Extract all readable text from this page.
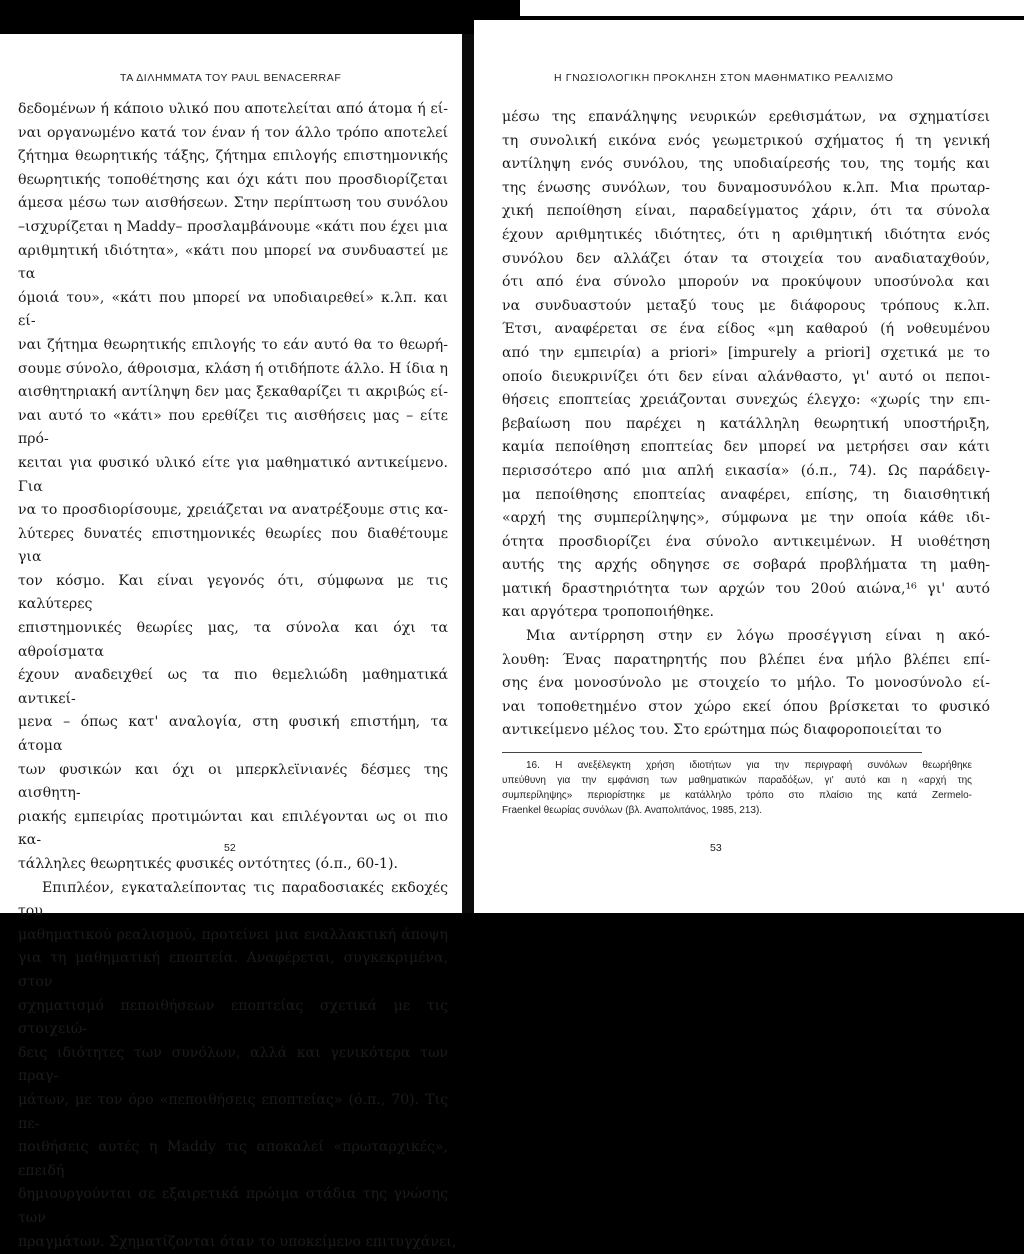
ΤΑ ΔΙΛΗΜΜΑΤΑ ΤΟΥ PAUL BENACERRAF
δεδομένων ή κάποιο υλικό που αποτελείται από άτομα ή εί-
ναι οργανωμένο κατά τον έναν ή τον άλλο τρόπο αποτελεί
ζήτημα θεωρητικής τάξης, ζήτημα επιλογής επιστημονικής
θεωρητικής τοποθέτησης και όχι κάτι που προσδιορίζεται
άμεσα μέσω των αισθήσεων. Στην περίπτωση του συνόλου
–ισχυρίζεται η Maddy– προσλαμβάνουμε «κάτι που έχει μια
αριθμητική ιδιότητα», «κάτι που μπορεί να συνδυαστεί με τα
όμοιά του», «κάτι που μπορεί να υποδιαιρεθεί» κ.λπ. και εί-
ναι ζήτημα θεωρητικής επιλογής το εάν αυτό θα το θεωρή-
σουμε σύνολο, άθροισμα, κλάση ή οτιδήποτε άλλο. Η ίδια η
αισθητηριακή αντίληψη δεν μας ξεκαθαρίζει τι ακριβώς εί-
ναι αυτό το «κάτι» που ερεθίζει τις αισθήσεις μας – είτε πρό-
κειται για φυσικό υλικό είτε για μαθηματικό αντικείμενο. Για
να το προσδιορίσουμε, χρειάζεται να ανατρέξουμε στις κα-
λύτερες δυνατές επιστημονικές θεωρίες που διαθέτουμε για
τον κόσμο. Και είναι γεγονός ότι, σύμφωνα με τις καλύτερες
επιστημονικές θεωρίες μας, τα σύνολα και όχι τα αθροίσματα
έχουν αναδειχθεί ως τα πιο θεμελιώδη μαθηματικά αντικεί-
μενα – όπως κατ' αναλογία, στη φυσική επιστήμη, τα άτομα
των φυσικών και όχι οι μπερκλεϊνιανές δέσμες της αισθητη-
ριακής εμπειρίας προτιμώνται και επιλέγονται ως οι πιο κα-
τάλληλες θεωρητικές φυσικές οντότητες (ό.π., 60-1).
Επιπλέον, εγκαταλείποντας τις παραδοσιακές εκδοχές του
μαθηματικού ρεαλισμού, προτείνει μια εναλλακτική άποψη
για τη μαθηματική εποπτεία. Αναφέρεται, συγκεκριμένα, στον
σχηματισμό πεποιθήσεων εποπτείας σχετικά με τις στοιχειώ-
δεις ιδιότητες των συνόλων, αλλά και γενικότερα των πραγ-
μάτων, με τον όρο «πεποιθήσεις εποπτείας» (ό.π., 70). Τις πε-
ποιθήσεις αυτές η Maddy τις αποκαλεί «πρωταρχικές», επειδή
δημιουργούνται σε εξαιρετικά πρώιμα στάδια της γνώσης των
πραγμάτων. Σχηματίζονται όταν το υποκείμενο επιτυγχάνει,
52
Η ΓΝΩΣΙΟΛΟΓΙΚΗ ΠΡΟΚΛΗΣΗ ΣΤΟΝ ΜΑΘΗΜΑΤΙΚΟ ΡΕΑΛΙΣΜΟ
μέσω της επανάληψης νευρικών ερεθισμάτων, να σχηματίσει
τη συνολική εικόνα ενός γεωμετρικού σχήματος ή τη γενική
αντίληψη ενός συνόλου, της υποδιαίρεσής του, της τομής και
της ένωσης συνόλων, του δυναμοσυνόλου κ.λπ. Μια πρωταρ-
χική πεποίθηση είναι, παραδείγματος χάριν, ότι τα σύνολα
έχουν αριθμητικές ιδιότητες, ότι η αριθμητική ιδιότητα ενός
συνόλου δεν αλλάζει όταν τα στοιχεία του αναδιαταχθούν,
ότι από ένα σύνολο μπορούν να προκύψουν υποσύνολα και
να συνδυαστούν μεταξύ τους με διάφορους τρόπους κ.λπ.
Έτσι, αναφέρεται σε ένα είδος «μη καθαρού (ή νοθευμένου
από την εμπειρία) a priori» [impurely a priori] σχετικά με το
οποίο διευκρινίζει ότι δεν είναι αλάνθαστο, γι' αυτό οι πεποι-
θήσεις εποπτείας χρειάζονται συνεχώς έλεγχο: «χωρίς την επι-
βεβαίωση που παρέχει η κατάλληλη θεωρητική υποστήριξη,
καμία πεποίθηση εποπτείας δεν μπορεί να μετρήσει σαν κάτι
περισσότερο από μια απλή εικασία» (ό.π., 74). Ως παράδειγ-
μα πεποίθησης εποπτείας αναφέρει, επίσης, τη διαισθητική
«αρχή της συμπερίληψης», σύμφωνα με την οποία κάθε ιδι-
ότητα προσδιορίζει ένα σύνολο αντικειμένων. Η υιοθέτηση
αυτής της αρχής οδηγησε σε σοβαρά προβλήματα τη μαθη-
ματική δραστηριότητα των αρχών του 20ού αιώνα,¹⁶ γι' αυτό
και αργότερα τροποποιήθηκε.
Μια αντίρρηση στην εν λόγω προσέγγιση είναι η ακό-
λουθη: Ένας παρατηρητής που βλέπει ένα μήλο βλέπει επί-
σης ένα μονοσύνολο με στοιχείο το μήλο. Το μονοσύνολο εί-
ναι τοποθετημένο στον χώρο εκεί όπου βρίσκεται το φυσικό
αντικείμενο μέλος του. Στο ερώτημα πώς διαφοροποιείται το
16. Η ανεξέλεγκτη χρήση ιδιοτήτων για την περιγραφή συνόλων θεωρήθηκε
υπεύθυνη για την εμφάνιση των μαθηματικών παραδόξων, γι' αυτό και η «αρχή της
συμπερίληψης» περιορίστηκε με κατάλληλο τρόπο στο πλαίσιο της κατά Zermelo-
Fraenkel θεωρίας συνόλων (βλ. Αναπολιτάνος, 1985, 213).
53
